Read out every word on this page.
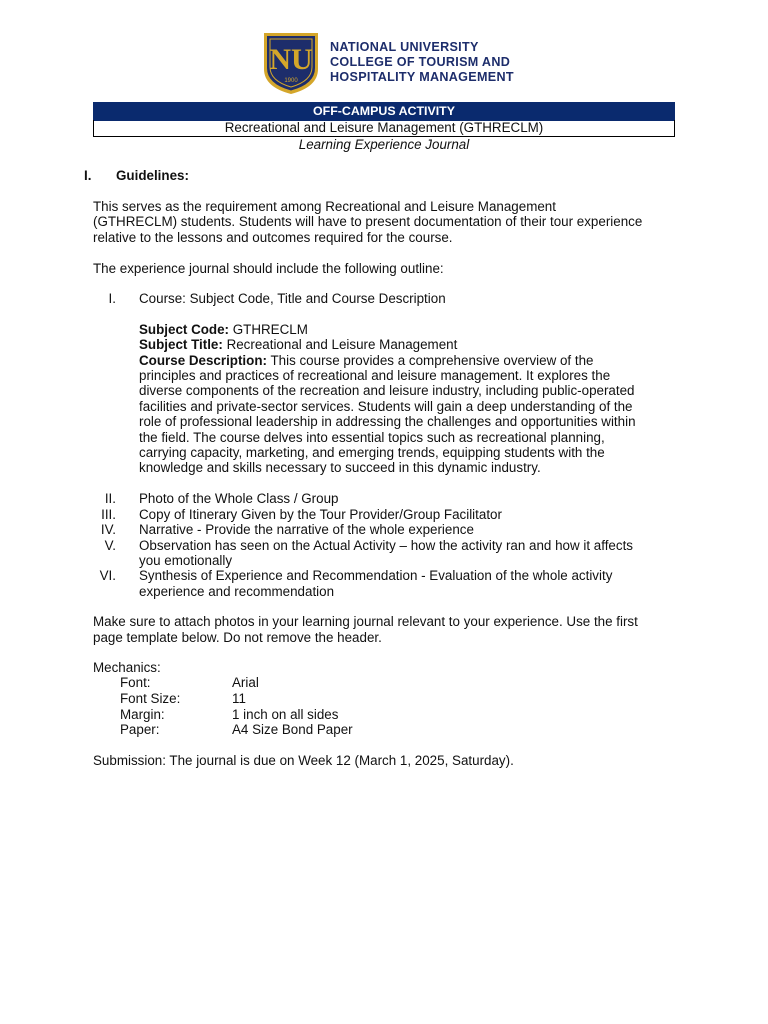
NU
1900
NATIONAL UNIVERSITY
COLLEGE OF TOURISM AND
HOSPITALITY MANAGEMENT
OFF-CAMPUS ACTIVITY
Recreational and Leisure Management (GTHRECLM)
Learning Experience Journal
I. Guidelines:
This serves as the requirement among Recreational and Leisure Management
(GTHRECLM) students. Students will have to present documentation of their tour experience
relative to the lessons and outcomes required for the course.
The experience journal should include the following outline:
I. Course: Subject Code, Title and Course Description
Subject Code: GTHRECLM
Subject Title: Recreational and Leisure Management
Course Description: This course provides a comprehensive overview of the
principles and practices of recreational and leisure management. It explores the
diverse components of the recreation and leisure industry, including public-operated
facilities and private-sector services. Students will gain a deep understanding of the
role of professional leadership in addressing the challenges and opportunities within
the field. The course delves into essential topics such as recreational planning,
carrying capacity, marketing, and emerging trends, equipping students with the
knowledge and skills necessary to succeed in this dynamic industry.
II. Photo of the Whole Class / Group
III. Copy of Itinerary Given by the Tour Provider/Group Facilitator
IV. Narrative - Provide the narrative of the whole experience
V. Observation has seen on the Actual Activity – how the activity ran and how it affects
you emotionally
VI. Synthesis of Experience and Recommendation - Evaluation of the whole activity
experience and recommendation
Make sure to attach photos in your learning journal relevant to your experience. Use the first
page template below. Do not remove the header.
Mechanics:
Font:	Arial
Font Size:	11
Margin:	1 inch on all sides
Paper:	A4 Size Bond Paper
Submission: The journal is due on Week 12 (March 1, 2025, Saturday).
